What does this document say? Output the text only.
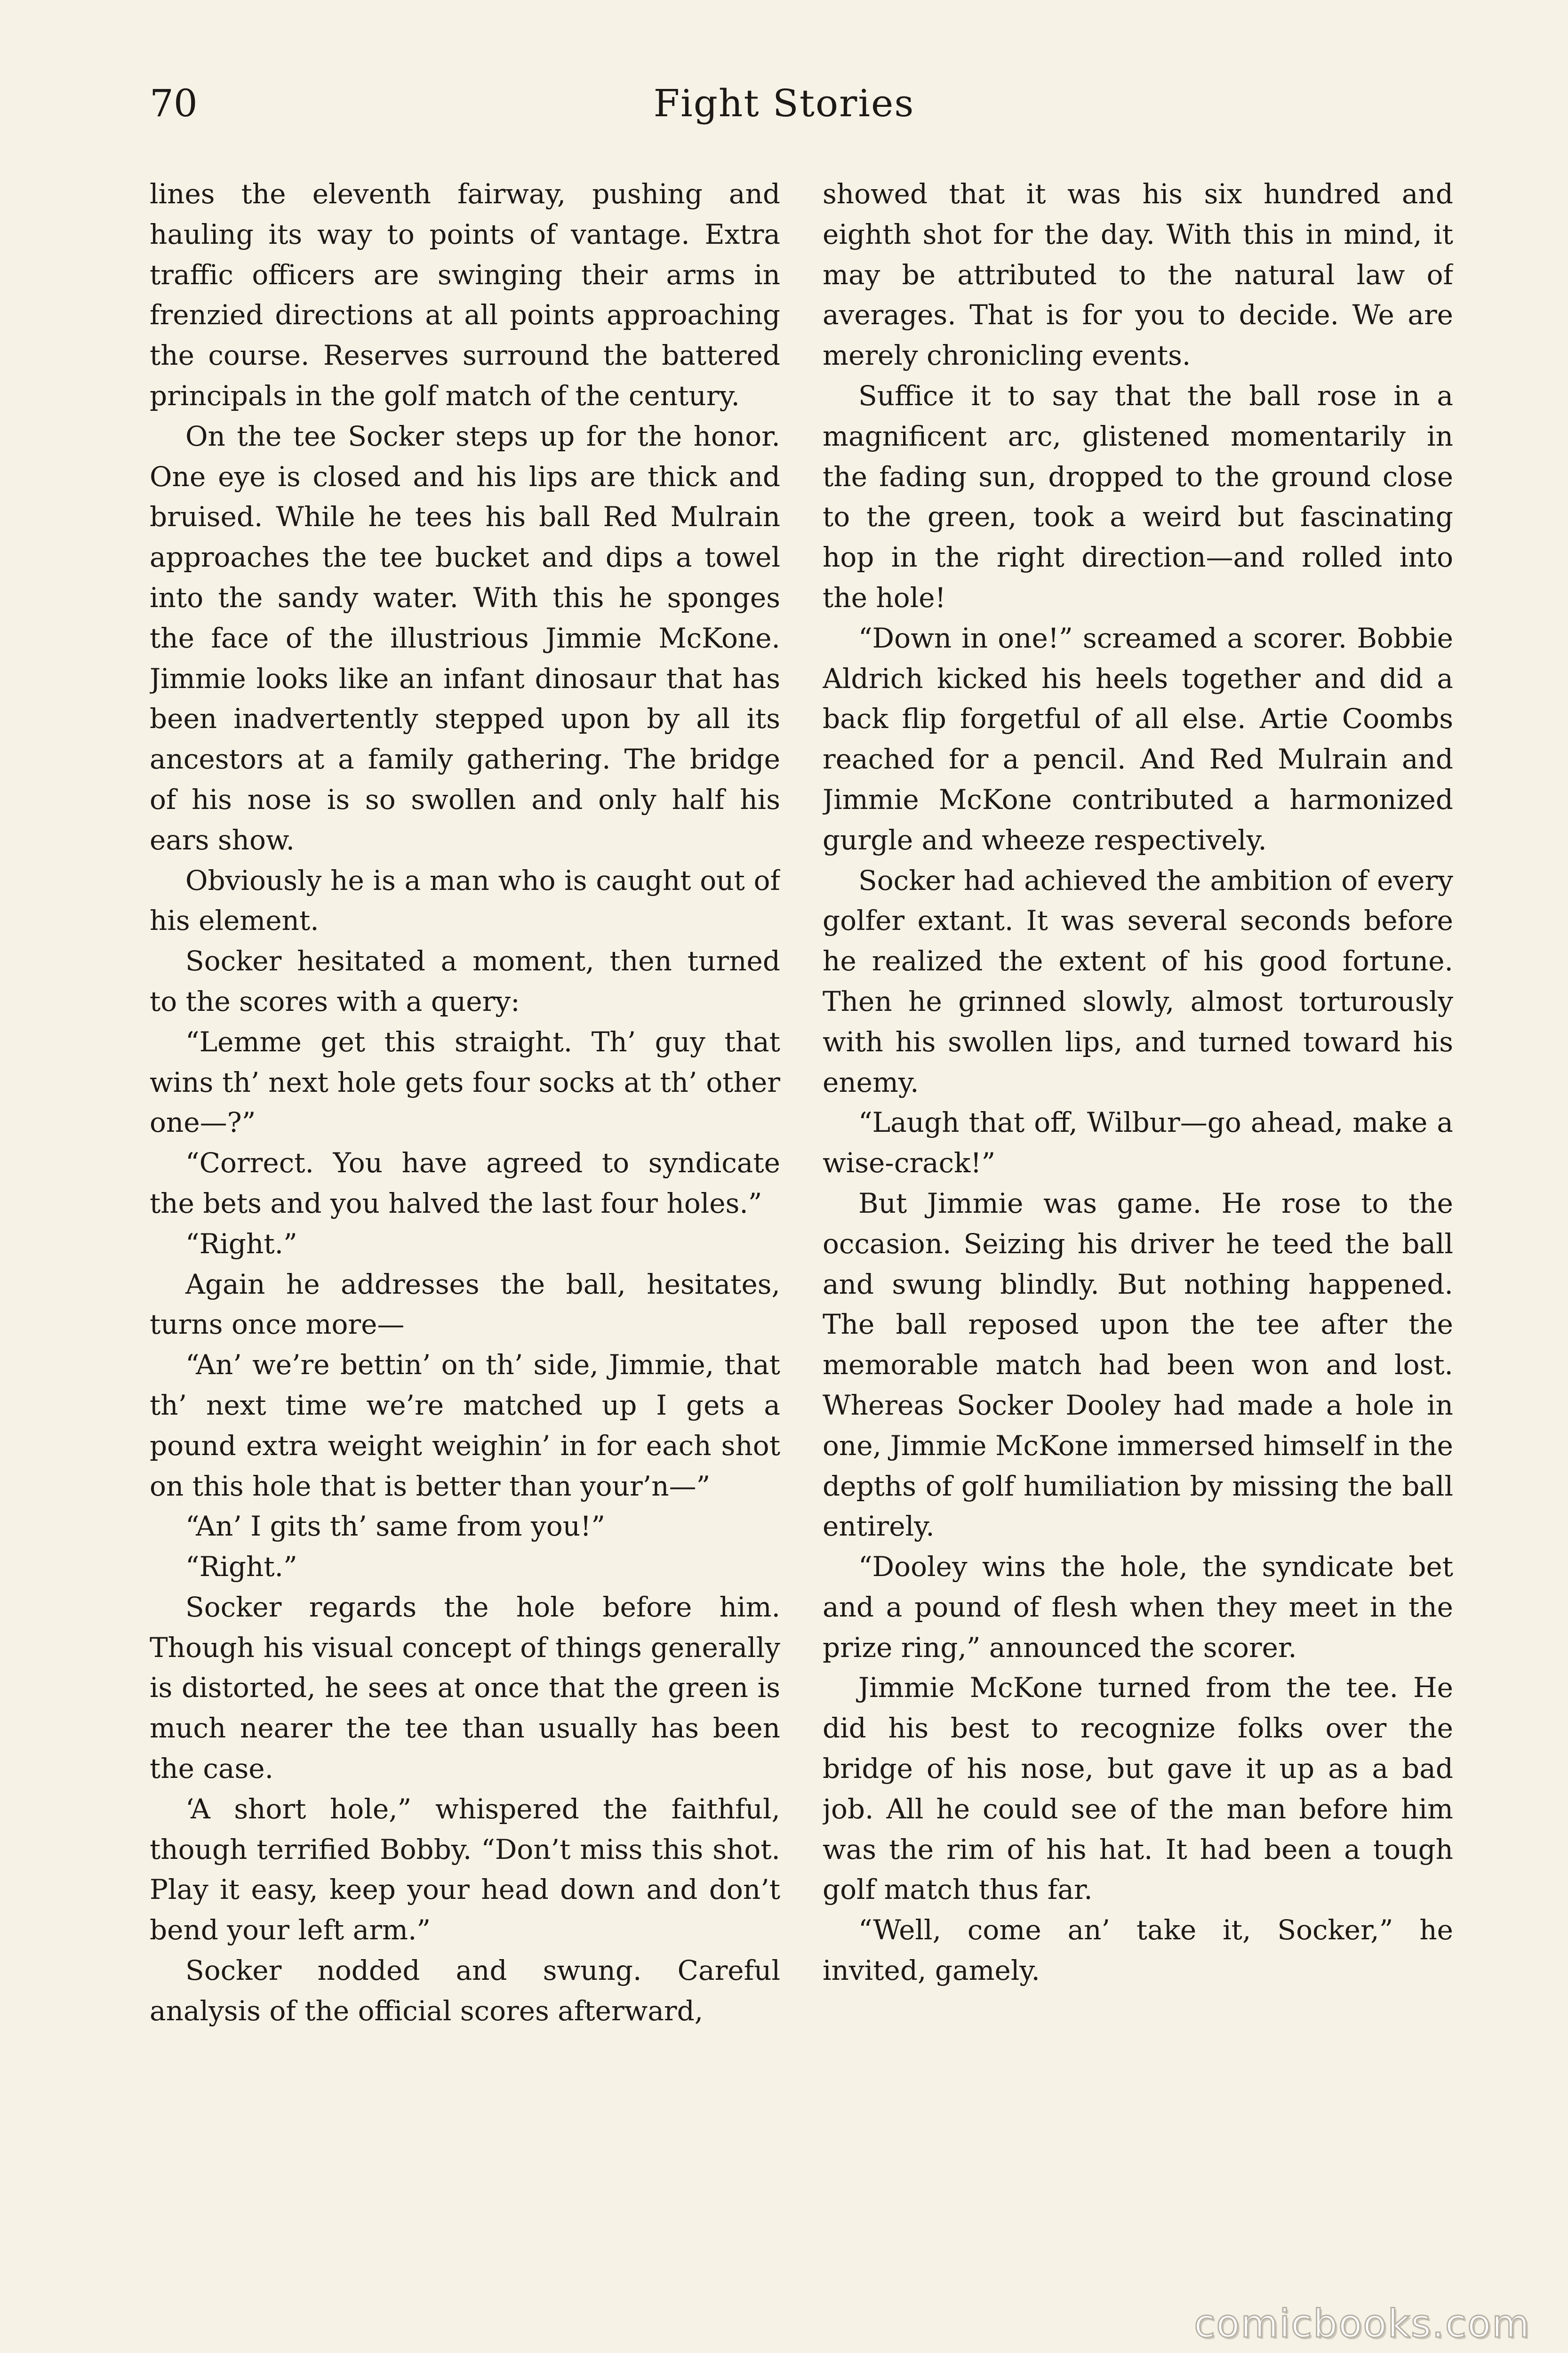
70	Fight Stories

lines the eleventh fairway, pushing and hauling its way to points of vantage. Extra traffic officers are swinging their arms in frenzied directions at all points approaching the course. Reserves surround the battered principals in the golf match of the century.

On the tee Socker steps up for the honor. One eye is closed and his lips are thick and bruised. While he tees his ball Red Mulrain approaches the tee bucket and dips a towel into the sandy water. With this he sponges the face of the illustrious Jimmie McKone. Jimmie looks like an infant dinosaur that has been inadvertently stepped upon by all its ancestors at a family gathering. The bridge of his nose is so swollen and only half his ears show.

Obviously he is a man who is caught out of his element.

Socker hesitated a moment, then turned to the scores with a query:

“Lemme get this straight. Th’ guy that wins th’ next hole gets four socks at th’ other one—?”

“Correct. You have agreed to syndicate the bets and you halved the last four holes.”

“Right.”

Again he addresses the ball, hesitates, turns once more—

“An’ we’re bettin’ on th’ side, Jimmie, that th’ next time we’re matched up I gets a pound extra weight weighin’ in for each shot on this hole that is better than your’n—”

“An’ I gits th’ same from you!”

“Right.”

Socker regards the hole before him. Though his visual concept of things generally is distorted, he sees at once that the green is much nearer the tee than usually has been the case.

‘A short hole,” whispered the faithful, though terrified Bobby. “Don’t miss this shot. Play it easy, keep your head down and don’t bend your left arm.”

Socker nodded and swung. Careful analysis of the official scores afterward,

showed that it was his six hundred and eighth shot for the day. With this in mind, it may be attributed to the natural law of averages. That is for you to decide. We are merely chronicling events.

Suffice it to say that the ball rose in a magnificent arc, glistened momentarily in the fading sun, dropped to the ground close to the green, took a weird but fascinating hop in the right direction—and rolled into the hole!

“Down in one!” screamed a scorer. Bobbie Aldrich kicked his heels together and did a back flip forgetful of all else. Artie Coombs reached for a pencil. And Red Mulrain and Jimmie McKone contributed a harmonized gurgle and wheeze respectively.

Socker had achieved the ambition of every golfer extant. It was several seconds before he realized the extent of his good fortune. Then he grinned slowly, almost torturously with his swollen lips, and turned toward his enemy.

“Laugh that off, Wilbur—go ahead, make a wise-crack!”

But Jimmie was game. He rose to the occasion. Seizing his driver he teed the ball and swung blindly. But nothing happened. The ball reposed upon the tee after the memorable match had been won and lost. Whereas Socker Dooley had made a hole in one, Jimmie McKone immersed himself in the depths of golf humiliation by missing the ball entirely.

“Dooley wins the hole, the syndicate bet and a pound of flesh when they meet in the prize ring,” announced the scorer.

Jimmie McKone turned from the tee. He did his best to recognize folks over the bridge of his nose, but gave it up as a bad job. All he could see of the man before him was the rim of his hat. It had been a tough golf match thus far.

“Well, come an’ take it, Socker,” he invited, gamely.

comicbooks.com
